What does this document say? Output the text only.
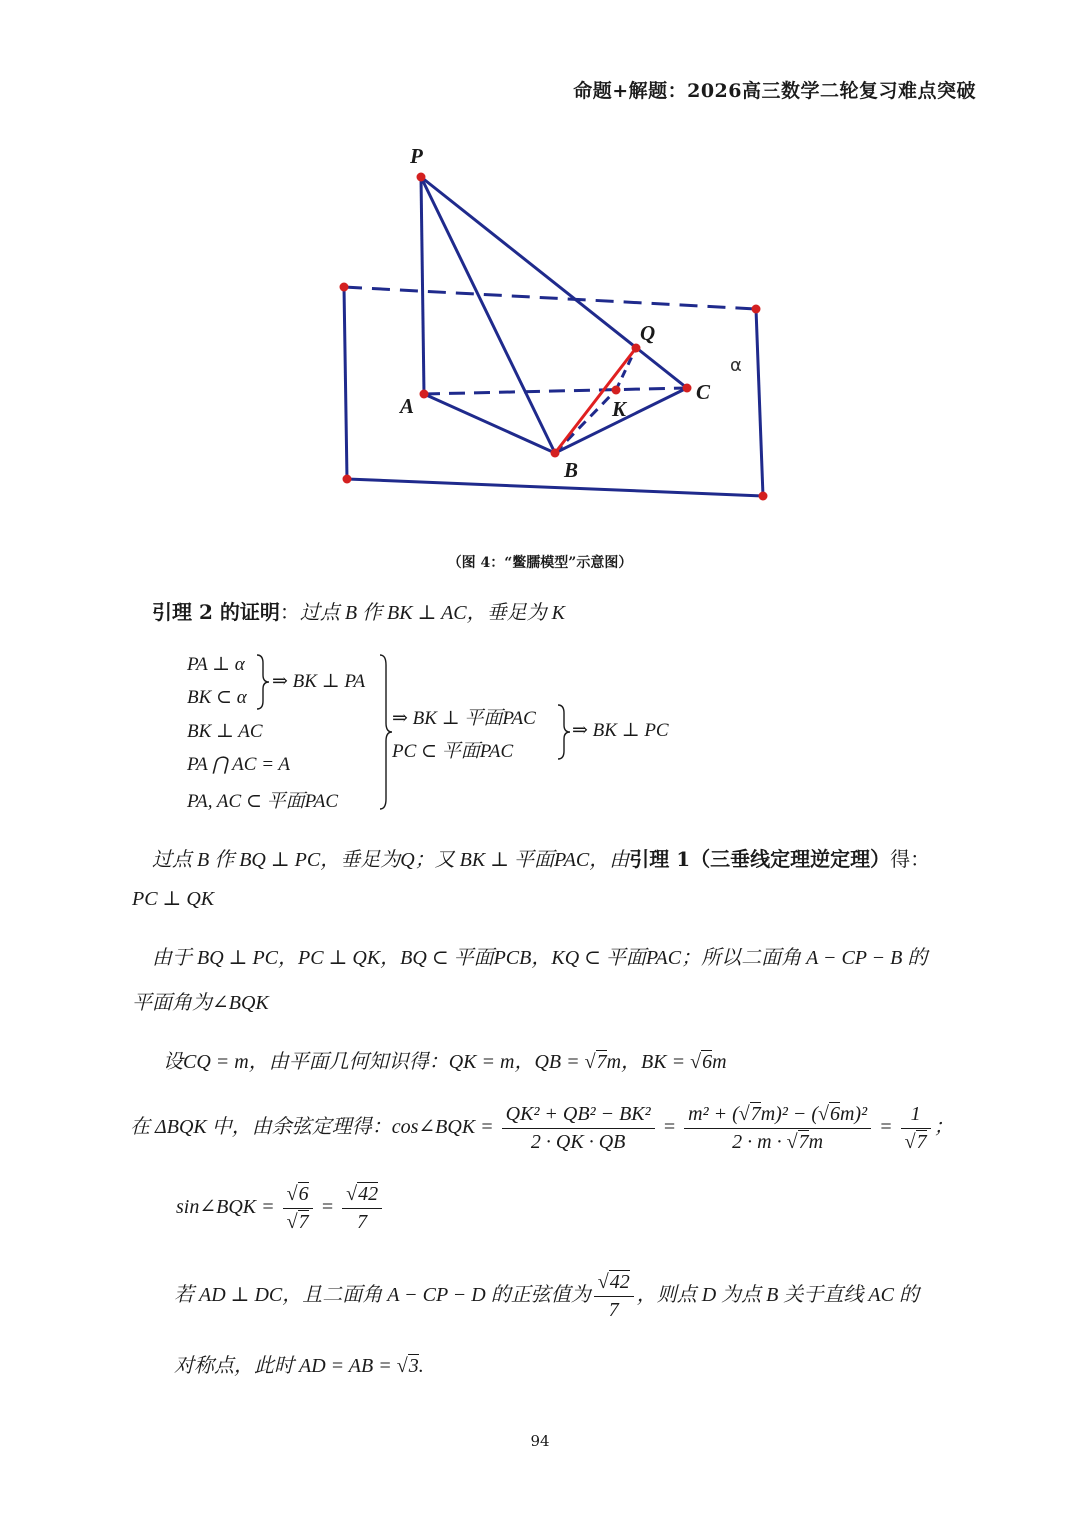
命题+解题：2026高三数学二轮复习难点突破
P
A
B
C
Q
K
α
（图 4：“鳖臑模型”示意图）
引理 2 的证明：过点 B 作 BK ⊥ AC，垂足为 K
PA ⊥ α
BK ⊂ α
BK ⊥ AC
PA ⋂ AC = A
PA, AC ⊂ 平面PAC
⇒ BK ⊥ PA
⇒ BK ⊥ 平面PAC
PC ⊂ 平面PAC
⇒ BK ⊥ PC
过点 B 作 BQ ⊥ PC，垂足为Q；又 BK ⊥ 平面PAC，由引理 1（三垂线定理逆定理）得：
PC ⊥ QK
由于 BQ ⊥ PC，PC ⊥ QK，BQ ⊂ 平面PCB，KQ ⊂ 平面PAC；所以二面角 A − CP − B 的
平面角为∠BQK
设CQ = m，由平面几何知识得：QK = m，QB = √7m，BK = √6m
在 ΔBQK 中，由余弦定理得：cos∠BQK = $\frac{\text{QK² + QB² − BK²}}{2 \cdot QK \cdot QB} = \frac{\text{m² + (√7m)² − (√6m)²}}{2 \cdot m \cdot √7m} = \frac{1}{√7}$ ；
sin∠BQK = $\frac{√6}{√7} = \frac{√42}{7}$
若 AD ⊥ DC，且二面角 A − CP − D 的正弦值为 $\frac{√42}{7}$ ，则点 D 为点 B 关于直线 AC 的
对称点，此时 AD = AB = √3.
94
